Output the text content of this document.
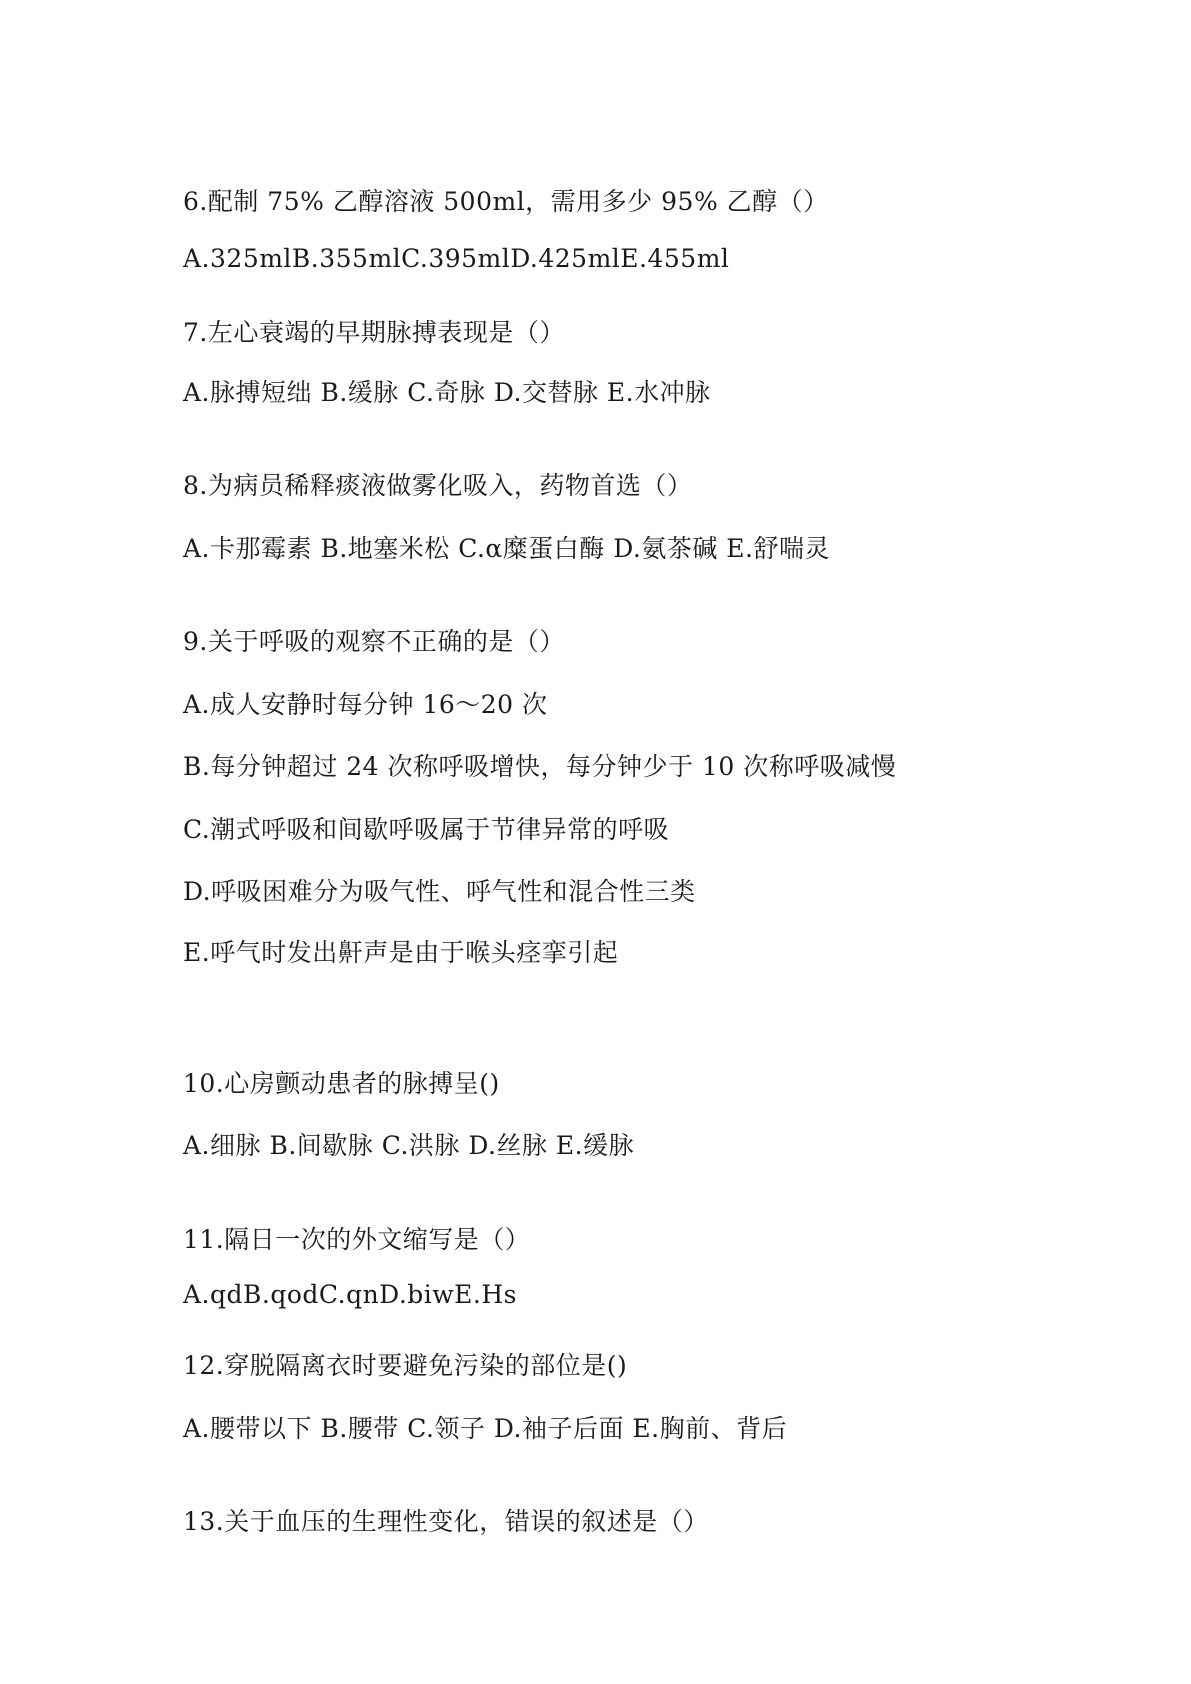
6.配制 75% 乙醇溶液 500ml，需用多少 95% 乙醇（）
A.325mlB.355mlC.395mlD.425mlE.455ml
7.左心衰竭的早期脉搏表现是（）
A.脉搏短绌 B.缓脉 C.奇脉 D.交替脉 E.水冲脉
8.为病员稀释痰液做雾化吸入，药物首选（）
A.卡那霉素 B.地塞米松 C.α糜蛋白酶 D.氨茶碱 E.舒喘灵
9.关于呼吸的观察不正确的是（）
A.成人安静时每分钟 16～20 次
B.每分钟超过 24 次称呼吸增快，每分钟少于 10 次称呼吸减慢
C.潮式呼吸和间歇呼吸属于节律异常的呼吸
D.呼吸困难分为吸气性、呼气性和混合性三类
E.呼气时发出鼾声是由于喉头痉挛引起
10.心房颤动患者的脉搏呈()
A.细脉 B.间歇脉 C.洪脉 D.丝脉 E.缓脉
11.隔日一次的外文缩写是（）
A.qdB.qodC.qnD.biwE.Hs
12.穿脱隔离衣时要避免污染的部位是()
A.腰带以下 B.腰带 C.领子 D.袖子后面 E.胸前、背后
13.关于血压的生理性变化，错误的叙述是（）
